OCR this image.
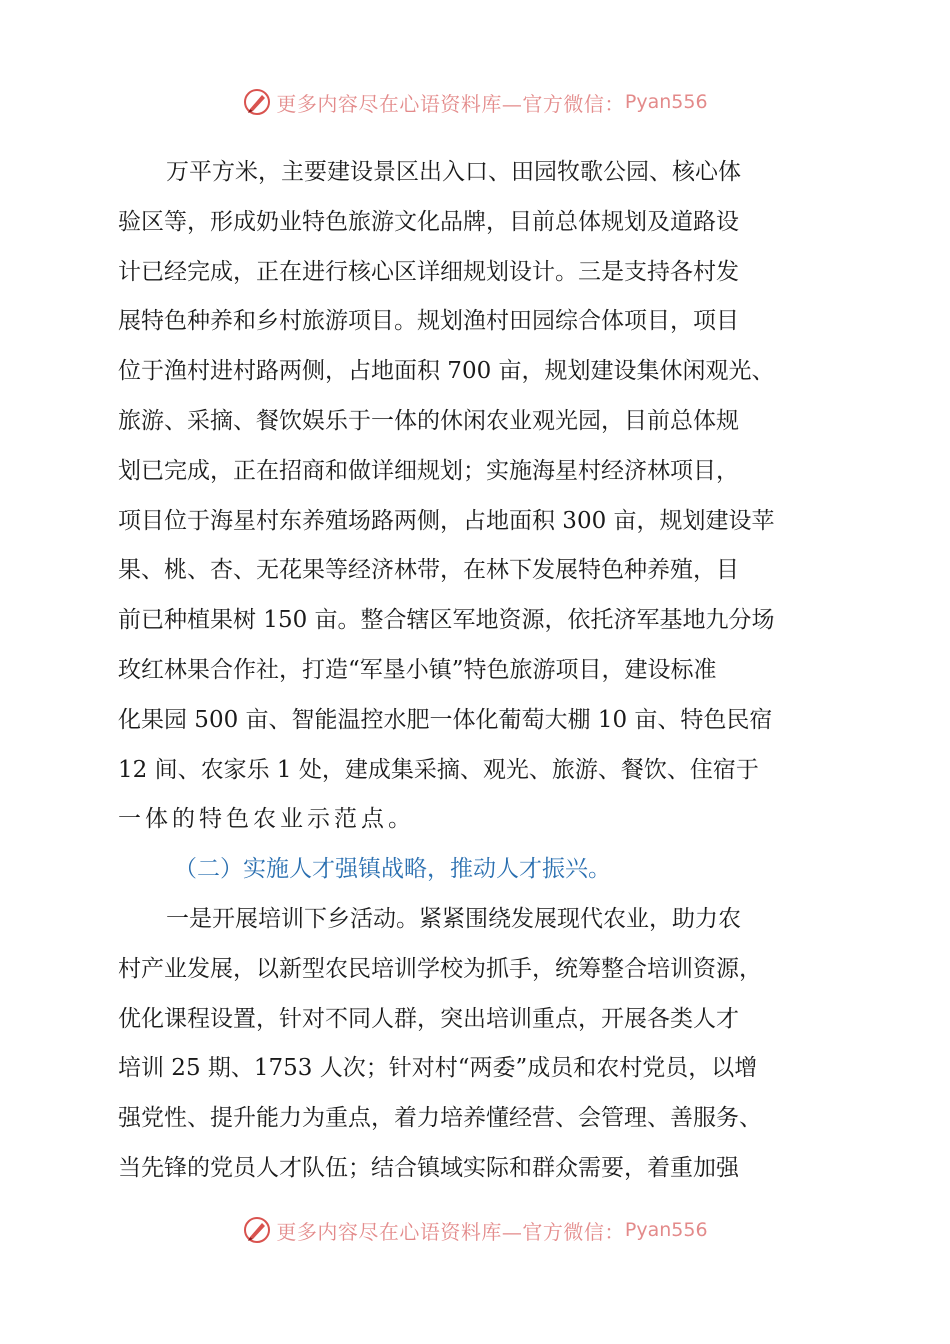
更多内容尽在心语资料库—官方微信： Pyan556
万平方米，主要建设景区出入口、田园牧歌公园、核心体
验区等，形成奶业特色旅游文化品牌，目前总体规划及道路设
计已经完成，正在进行核心区详细规划设计。三是支持各村发
展特色种养和乡村旅游项目。规划渔村田园综合体项目，项目
位于渔村进村路两侧，占地面积 700 亩，规划建设集休闲观光、
旅游、采摘、餐饮娱乐于一体的休闲农业观光园，目前总体规
划已完成，正在招商和做详细规划；实施海星村经济林项目，
项目位于海星村东养殖场路两侧，占地面积 300 亩，规划建设苹
果、桃、杏、无花果等经济林带，在林下发展特色种养殖，目
前已种植果树 150 亩。整合辖区军地资源，依托济军基地九分场
玫红林果合作社，打造“军垦小镇”特色旅游项目，建设标准
化果园 500 亩、智能温控水肥一体化葡萄大棚 10 亩、特色民宿
12 间、农家乐 1 处，建成集采摘、观光、旅游、餐饮、住宿于
一体的特色农业示范点。
（二）实施人才强镇战略，推动人才振兴。
一是开展培训下乡活动。紧紧围绕发展现代农业，助力农
村产业发展，以新型农民培训学校为抓手，统筹整合培训资源，
优化课程设置，针对不同人群，突出培训重点，开展各类人才
培训 25 期、1753 人次；针对村“两委”成员和农村党员，以增
强党性、提升能力为重点，着力培养懂经营、会管理、善服务、
当先锋的党员人才队伍；结合镇域实际和群众需要，着重加强
更多内容尽在心语资料库—官方微信： Pyan556
